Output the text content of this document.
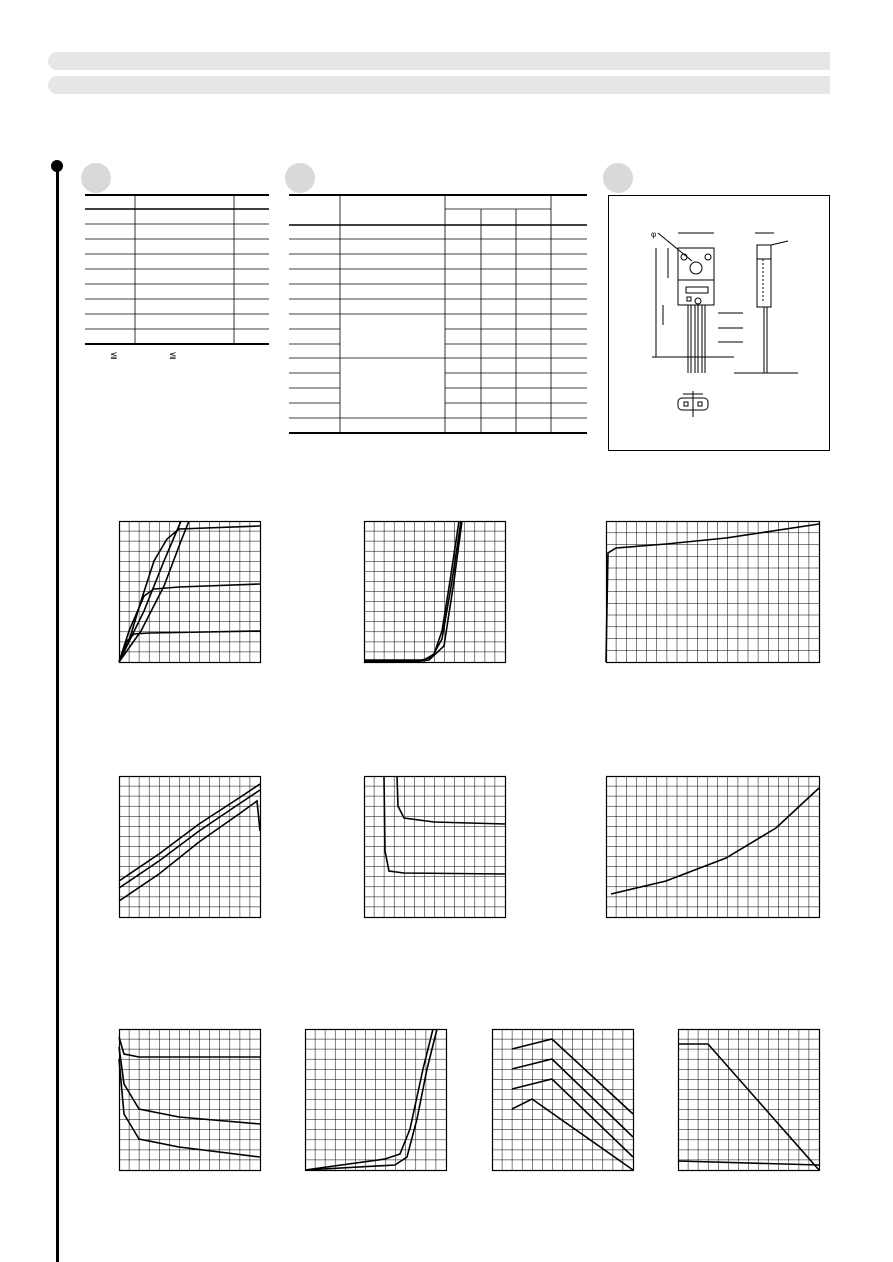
≦	≦
φ
